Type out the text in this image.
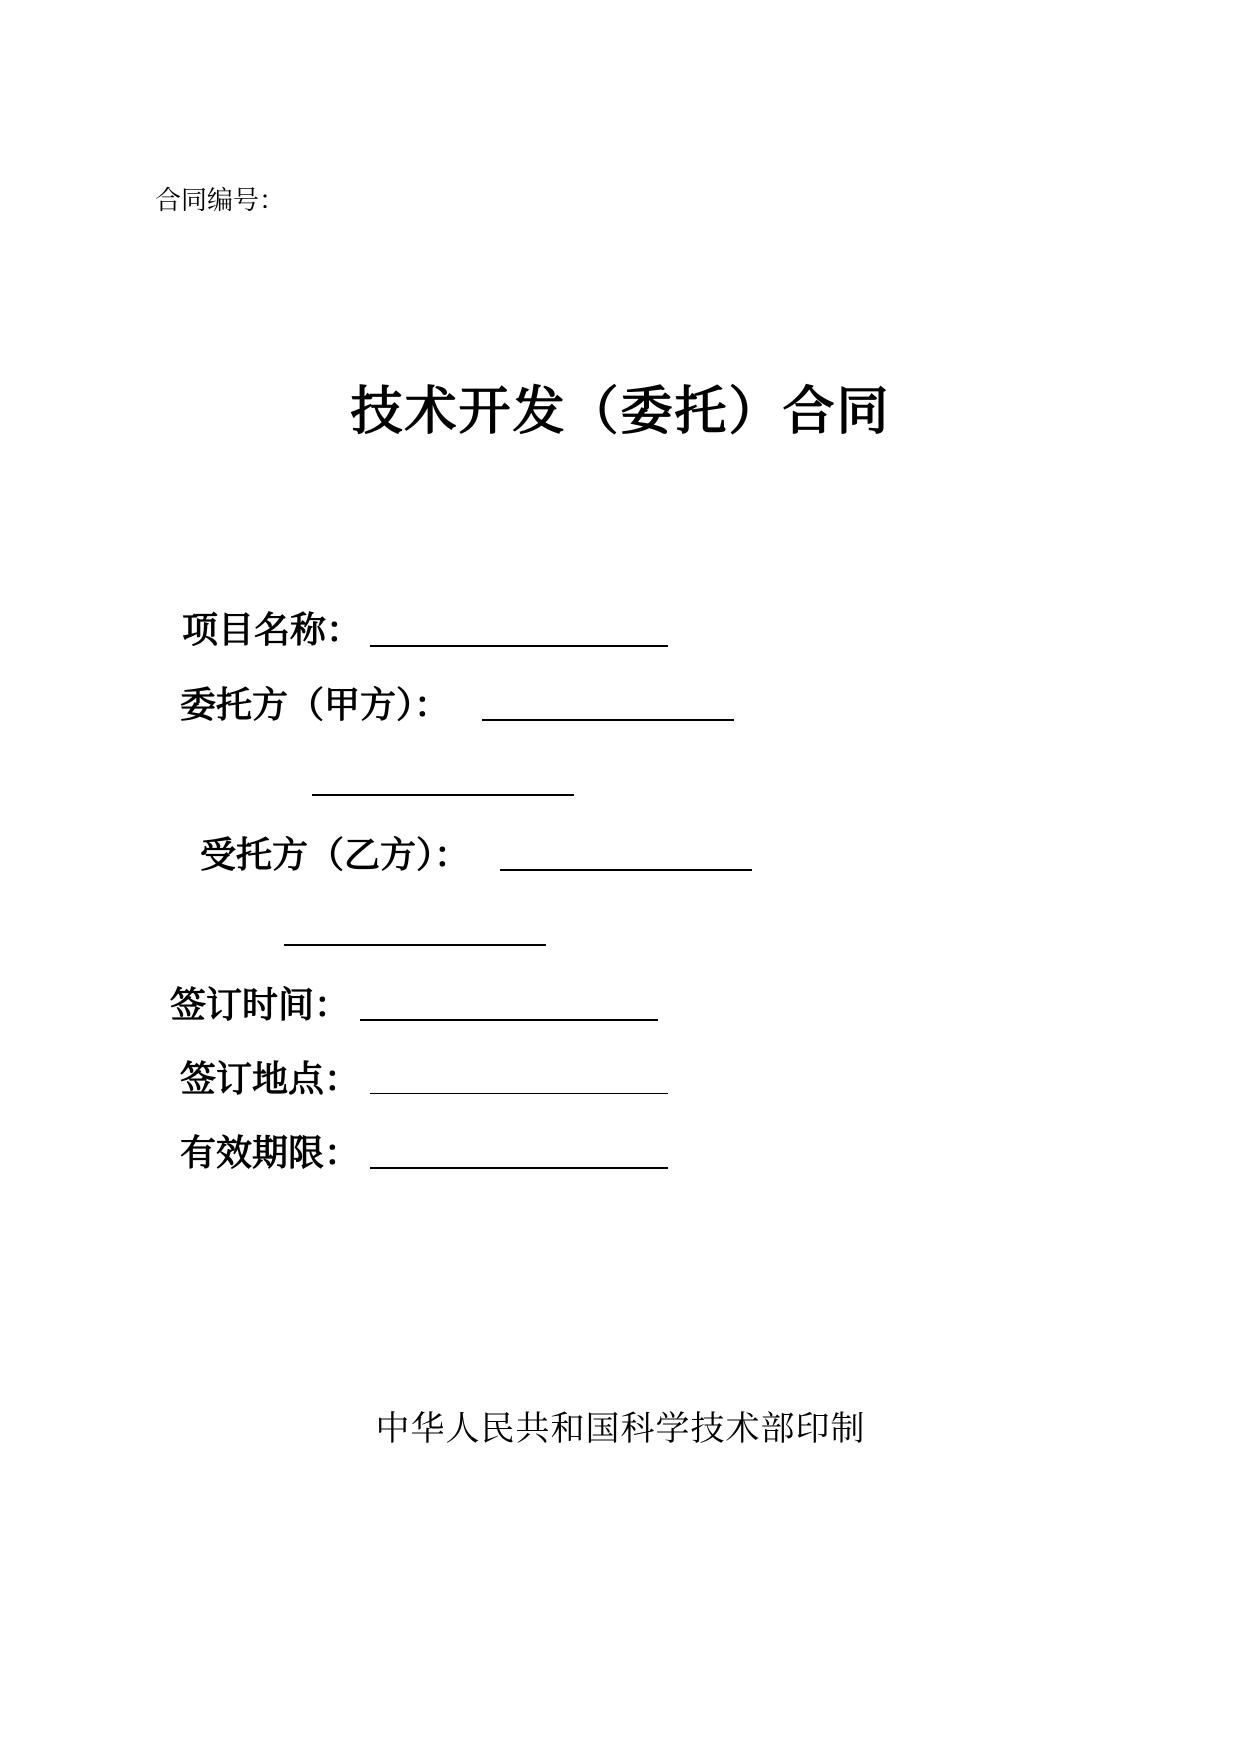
合同编号：
技术开发（委托）合同
项目名称：
委托方（甲方）：
受托方（乙方）：
签订时间：
签订地点：
有效期限：
中华人民共和国科学技术部印制
